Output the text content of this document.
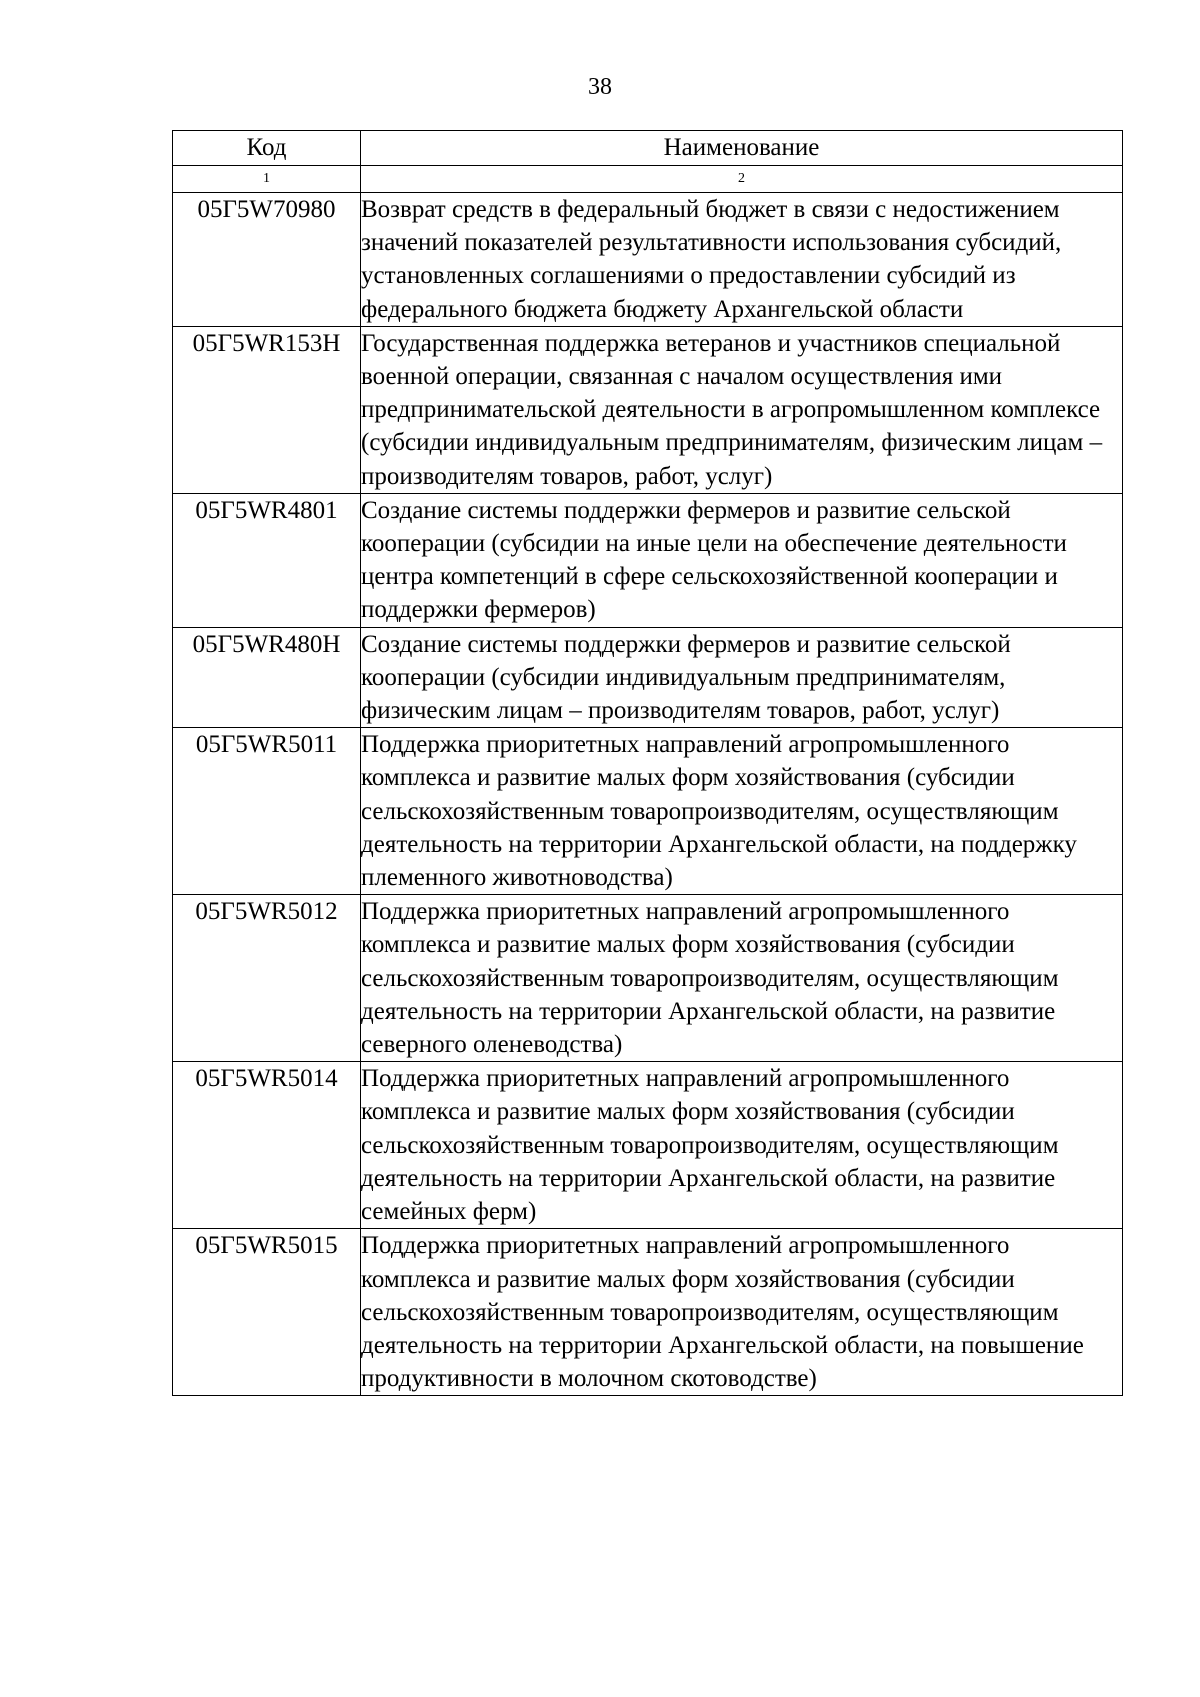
38
Код	Наименование
1	2
05Г5W70980	Возврат средств в федеральный бюджет в связи с недостижением значений показателей результативности использования субсидий, установленных соглашениями о предоставлении субсидий из федерального бюджета бюджету Архангельской области
05Г5WR153Н	Государственная поддержка ветеранов и участников специальной военной операции, связанная с началом осуществления ими предпринимательской деятельности в агропромышленном комплексе (субсидии индивидуальным предпринимателям, физическим лицам – производителям товаров, работ, услуг)
05Г5WR4801	Создание системы поддержки фермеров и развитие сельской кооперации (субсидии на иные цели на обеспечение деятельности центра компетенций в сфере сельскохозяйственной кооперации и поддержки фермеров)
05Г5WR480Н	Создание системы поддержки фермеров и развитие сельской кооперации (субсидии индивидуальным предпринимателям, физическим лицам – производителям товаров, работ, услуг)
05Г5WR5011	Поддержка приоритетных направлений агропромышленного комплекса и развитие малых форм хозяйствования (субсидии сельскохозяйственным товаропроизводителям, осуществляющим деятельность на территории Архангельской области, на поддержку племенного животноводства)
05Г5WR5012	Поддержка приоритетных направлений агропромышленного комплекса и развитие малых форм хозяйствования (субсидии сельскохозяйственным товаропроизводителям, осуществляющим деятельность на территории Архангельской области, на развитие северного оленеводства)
05Г5WR5014	Поддержка приоритетных направлений агропромышленного комплекса и развитие малых форм хозяйствования (субсидии сельскохозяйственным товаропроизводителям, осуществляющим деятельность на территории Архангельской области, на развитие семейных ферм)
05Г5WR5015	Поддержка приоритетных направлений агропромышленного комплекса и развитие малых форм хозяйствования (субсидии сельскохозяйственным товаропроизводителям, осуществляющим деятельность на территории Архангельской области, на повышение продуктивности в молочном скотоводстве)
